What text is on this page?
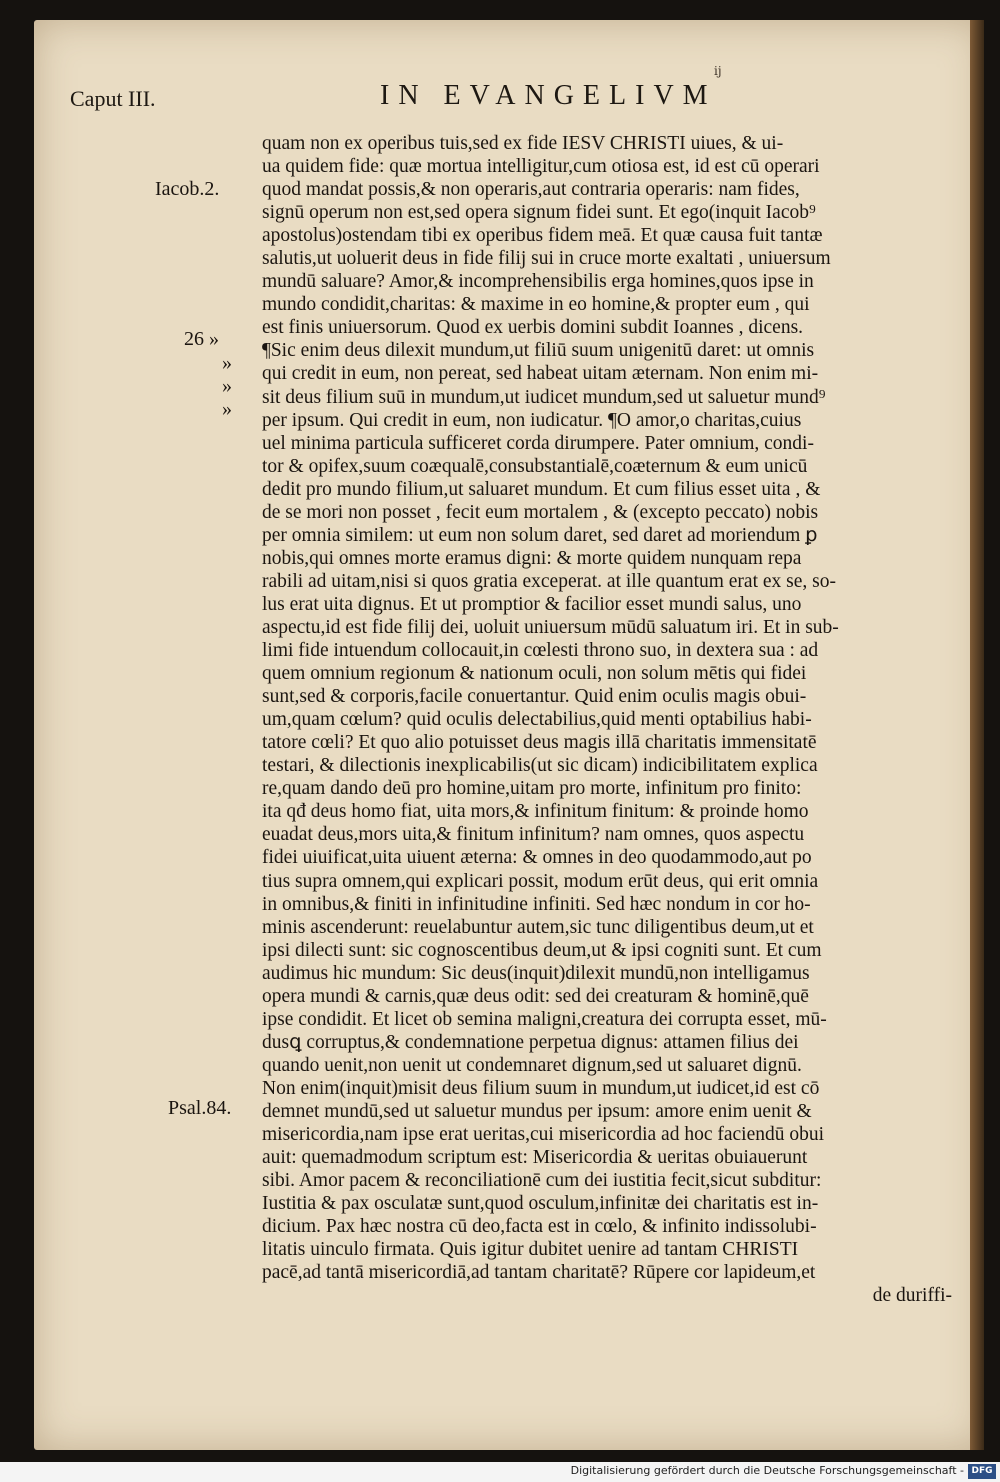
Caput III.	IN EVANGELIVM
ij
Iacob.2.
26 »
»
»
»
Psal.84.
quam non ex operibus tuis,sed ex fide IESV CHRISTI uiues, & ui-
ua quidem fide: quæ mortua intelligitur,cum otiosa est, id est cū operari
quod mandat possis,& non operaris,aut contraria operaris: nam fides,
signū operum non est,sed opera signum fidei sunt. Et ego(inquit Iacob⁹
apostolus)ostendam tibi ex operibus fidem meā. Et quæ causa fuit tantæ
salutis,ut uoluerit deus in fide filij sui in cruce morte exaltati , uniuersum
mundū saluare? Amor,& incomprehensibilis erga homines,quos ipse in
mundo condidit,charitas: & maxime in eo homine,& propter eum , qui
est finis uniuersorum. Quod ex uerbis domini subdit Ioannes , dicens.
¶Sic enim deus dilexit mundum,ut filiū suum unigenitū daret: ut omnis
qui credit in eum, non pereat, sed habeat uitam æternam. Non enim mi-
sit deus filium suū in mundum,ut iudicet mundum,sed ut saluetur mund⁹
per ipsum. Qui credit in eum, non iudicatur. ¶O amor,o charitas,cuius
uel minima particula sufficeret corda dirumpere. Pater omnium, condi-
tor & opifex,suum coæqualē,consubstantialē,coæternum & eum unicū
dedit pro mundo filium,ut saluaret mundum. Et cum filius esset uita , &
de se mori non posset , fecit eum mortalem , & (excepto peccato) nobis
per omnia similem: ut eum non solum daret, sed daret ad moriendum ꝑ
nobis,qui omnes morte eramus digni: & morte quidem nunquam repa
rabili ad uitam,nisi si quos gratia exceperat. at ille quantum erat ex se, so-
lus erat uita dignus. Et ut promptior & facilior esset mundi salus, uno
aspectu,id est fide filij dei, uoluit uniuersum mūdū saluatum iri. Et in sub-
limi fide intuendum collocauit,in cœlesti throno suo, in dextera sua : ad
quem omnium regionum & nationum oculi, non solum mētis qui fidei
sunt,sed & corporis,facile conuertantur. Quid enim oculis magis obui-
um,quam cœlum? quid oculis delectabilius,quid menti optabilius habi-
tatore cœli? Et quo alio potuisset deus magis illā charitatis immensitatē
testari, & dilectionis inexplicabilis(ut sic dicam) indicibilitatem explica
re,quam dando deū pro homine,uitam pro morte, infinitum pro finito:
ita qđ deus homo fiat, uita mors,& infinitum finitum: & proinde homo
euadat deus,mors uita,& finitum infinitum? nam omnes, quos aspectu
fidei uiuificat,uita uiuent æterna: & omnes in deo quodammodo,aut po
tius supra omnem,qui explicari possit, modum erūt deus, qui erit omnia
in omnibus,& finiti in infinitudine infiniti. Sed hæc nondum in cor ho-
minis ascenderunt: reuelabuntur autem,sic tunc diligentibus deum,ut et
ipsi dilecti sunt: sic cognoscentibus deum,ut & ipsi cogniti sunt. Et cum
audimus hic mundum: Sic deus(inquit)dilexit mundū,non intelligamus
opera mundi & carnis,quæ deus odit: sed dei creaturam & hominē,quē
ipse condidit. Et licet ob semina maligni,creatura dei corrupta esset, mū-
dusꝗ corruptus,& condemnatione perpetua dignus: attamen filius dei
quando uenit,non uenit ut condemnaret dignum,sed ut saluaret dignū.
Non enim(inquit)misit deus filium suum in mundum,ut iudicet,id est cō
demnet mundū,sed ut saluetur mundus per ipsum: amore enim uenit &
misericordia,nam ipse erat ueritas,cui misericordia ad hoc faciendū obui
auit: quemadmodum scriptum est: Misericordia & ueritas obuiauerunt
sibi. Amor pacem & reconciliationē cum dei iustitia fecit,sicut subditur:
Iustitia & pax osculatæ sunt,quod osculum,infinitæ dei charitatis est in-
dicium. Pax hæc nostra cū deo,facta est in cœlo, & infinito indissolubi-
litatis uinculo firmata. Quis igitur dubitet uenire ad tantam CHRISTI
pacē,ad tantā misericordiā,ad tantam charitatē? Rūpere cor lapideum,et
de duriffi-
Digitalisierung gefördert durch die Deutsche Forschungsgemeinschaft - DFG
